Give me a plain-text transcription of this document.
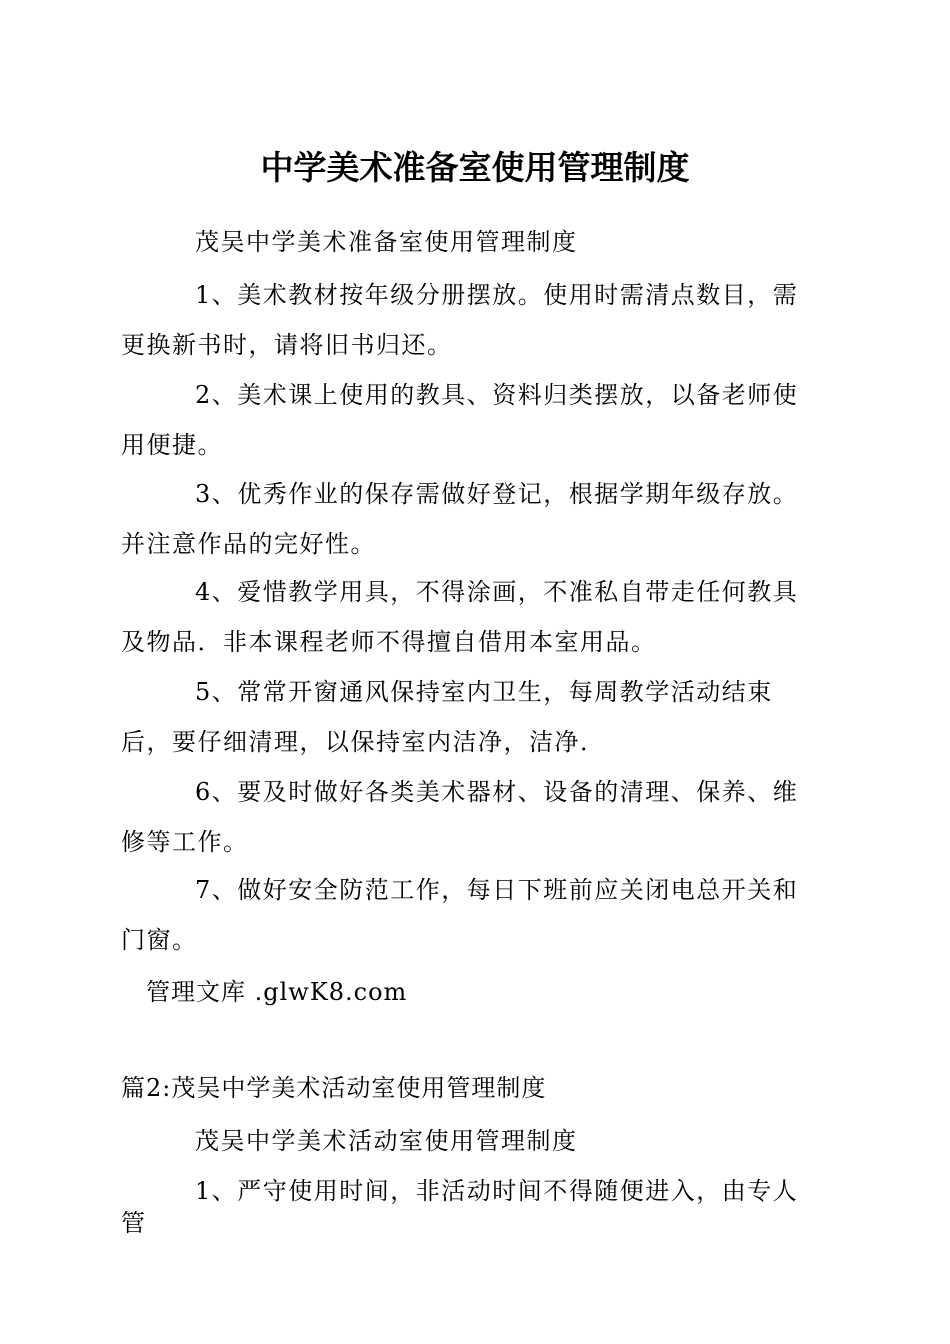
中学美术准备室使用管理制度
茂吴中学美术准备室使用管理制度
1、美术教材按年级分册摆放。使用时需清点数目，需更换新书时，请将旧书归还。
2、美术课上使用的教具、资料归类摆放，以备老师使用便捷。
3、优秀作业的保存需做好登记，根据学期年级存放。并注意作品的完好性。
4、爱惜教学用具，不得涂画，不准私自带走任何教具及物品．非本课程老师不得擅自借用本室用品。
5、常常开窗通风保持室内卫生，每周教学活动结束后，要仔细清理，以保持室内洁净，洁净．
6、要及时做好各类美术器材、设备的清理、保养、维修等工作。
7、做好安全防范工作，每日下班前应关闭电总开关和门窗。
管理文库 .glwK8.com
篇2:茂吴中学美术活动室使用管理制度
茂吴中学美术活动室使用管理制度
1、严守使用时间，非活动时间不得随便进入，由专人管
